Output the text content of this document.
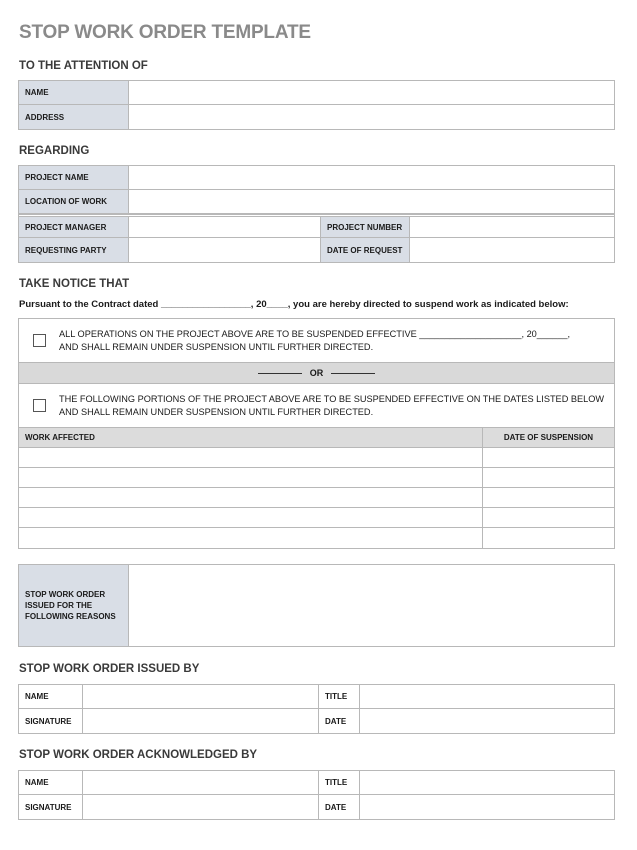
STOP WORK ORDER TEMPLATE
TO THE ATTENTION OF
NAME
ADDRESS
REGARDING
PROJECT NAME
LOCATION OF WORK
PROJECT MANAGER	PROJECT NUMBER
REQUESTING PARTY	DATE OF REQUEST
TAKE NOTICE THAT
Pursuant to the Contract dated _________________, 20____, you are hereby directed to suspend work as indicated below:
ALL OPERATIONS ON THE PROJECT ABOVE ARE TO BE SUSPENDED EFFECTIVE ____________________, 20______,
AND SHALL REMAIN UNDER SUSPENSION UNTIL FURTHER DIRECTED.
OR
THE FOLLOWING PORTIONS OF THE PROJECT ABOVE ARE TO BE SUSPENDED EFFECTIVE ON THE DATES LISTED BELOW
AND SHALL REMAIN UNDER SUSPENSION UNTIL FURTHER DIRECTED.
WORK AFFECTED	DATE OF SUSPENSION
STOP WORK ORDER
ISSUED FOR THE
FOLLOWING REASONS
STOP WORK ORDER ISSUED BY
NAME	TITLE
SIGNATURE	DATE
STOP WORK ORDER ACKNOWLEDGED BY
NAME	TITLE
SIGNATURE	DATE
